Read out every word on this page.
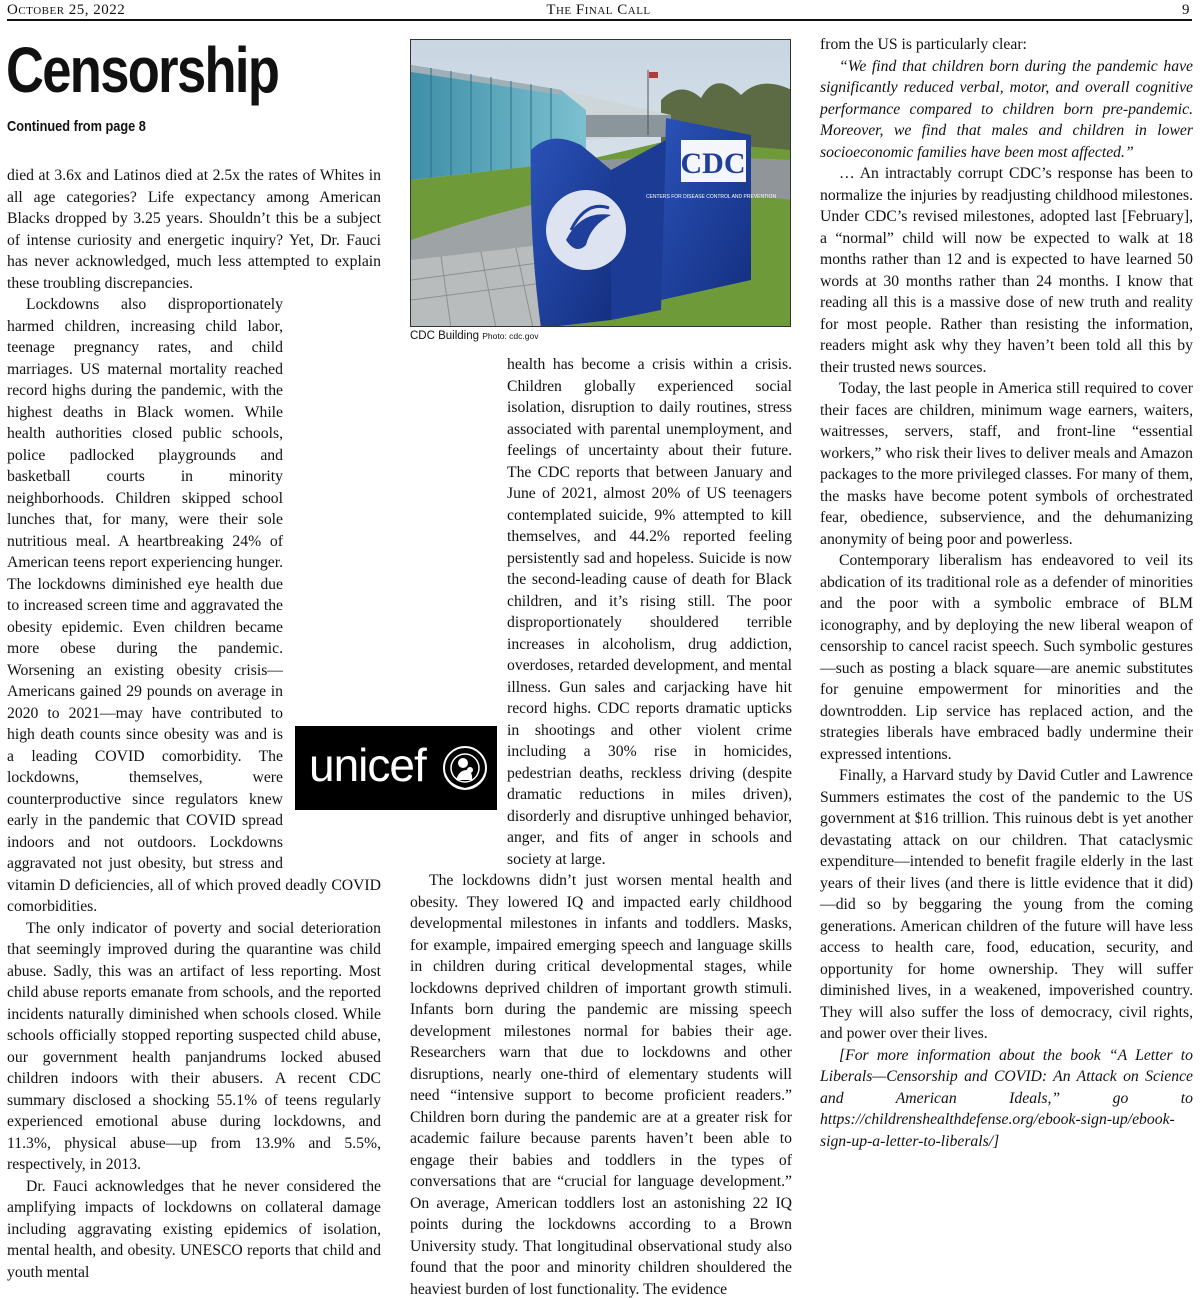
October 25, 2022	The Final Call	9
Censorship
Continued from page 8

died at 3.6x and Latinos died at 2.5x the rates of Whites in all age categories? Life expectancy among American Blacks dropped by 3.25 years. Shouldn’t this be a subject of intense curiosity and energetic inquiry? Yet, Dr. Fauci has never acknowledged, much less attempted to explain these troubling discrepancies.

Lockdowns also disproportionately harmed children, increasing child labor, teenage pregnancy rates, and child marriages. US maternal mortality reached record highs during the pandemic, with the highest deaths in Black women. While health authorities closed public schools, police padlocked playgrounds and basketball courts in minority neighborhoods. Children skipped school lunches that, for many, were their sole nutritious meal. A heartbreaking 24% of American teens report experiencing hunger. The lockdowns diminished eye health due to increased screen time and aggravated the obesity epidemic. Even children became more obese during the pandemic. Worsening an existing obesity crisis—Americans gained 29 pounds on average in 2020 to 2021—may have contributed to high death counts since obesity was and is a leading COVID comorbidity. The lockdowns, themselves, were counterproductive since regulators knew early in the pandemic that COVID spread indoors and not outdoors. Lockdowns aggravated not just obesity, but stress and vitamin D deficiencies, all of which proved deadly COVID comorbidities.

The only indicator of poverty and social deterioration that seemingly improved during the quarantine was child abuse. Sadly, this was an artifact of less reporting. Most child abuse reports emanate from schools, and the reported incidents naturally diminished when schools closed. While schools officially stopped reporting suspected child abuse, our government health panjandrums locked abused children indoors with their abusers. A recent CDC summary disclosed a shocking 55.1% of teens regularly experienced emotional abuse during lockdowns, and 11.3%, physical abuse—up from 13.9% and 5.5%, respectively, in 2013.

Dr. Fauci acknowledges that he never considered the amplifying impacts of lockdowns on collateral damage including aggravating existing epidemics of isolation, mental health, and obesity. UNESCO reports that child and youth mental

CDC
CENTERS FOR DISEASE CONTROL AND PREVENTION
CDC Building Photo: cdc.gov

health has become a crisis within a crisis. Children globally experienced social isolation, disruption to daily routines, stress associated with parental unemployment, and feelings of uncertainty about their future. The CDC reports that between January and June of 2021, almost 20% of US teenagers contemplated suicide, 9% attempted to kill themselves, and 44.2% reported feeling persistently sad and hopeless. Suicide is now the second-leading cause of death for Black children, and it’s rising still. The poor disproportionately shouldered terrible increases in alcoholism, drug addiction, overdoses, retarded development, and mental illness. Gun sales and carjacking have hit record highs. CDC reports dramatic upticks in shootings and other violent crime including a 30% rise in homicides, pedestrian deaths, reckless driving (despite dramatic reductions in miles driven), disorderly and disruptive unhinged behavior, anger, and fits of anger in schools and society at large.

The lockdowns didn’t just worsen mental health and obesity. They lowered IQ and impacted early childhood developmental milestones in infants and toddlers. Masks, for example, impaired emerging speech and language skills in children during critical developmental stages, while lockdowns deprived children of important growth stimuli. Infants born during the pandemic are missing speech development milestones normal for babies their age. Researchers warn that due to lockdowns and other disruptions, nearly one-third of elementary students will need “intensive support to become proficient readers.” Children born during the pandemic are at a greater risk for academic failure because parents haven’t been able to engage their babies and toddlers in the types of conversations that are “crucial for language development.” On average, American toddlers lost an astonishing 22 IQ points during the lockdowns according to a Brown University study. That longitudinal observational study also found that the poor and minority children shouldered the heaviest burden of lost functionality. The evidence

unicef

from the US is particularly clear:

“We find that children born during the pandemic have significantly reduced verbal, motor, and overall cognitive performance compared to children born pre-pandemic. Moreover, we find that males and children in lower socioeconomic families have been most affected.”

… An intractably corrupt CDC’s response has been to normalize the injuries by readjusting childhood milestones. Under CDC’s revised milestones, adopted last [February], a “normal” child will now be expected to walk at 18 months rather than 12 and is expected to have learned 50 words at 30 months rather than 24 months. I know that reading all this is a massive dose of new truth and reality for most people. Rather than resisting the information, readers might ask why they haven’t been told all this by their trusted news sources.

Today, the last people in America still required to cover their faces are children, minimum wage earners, waiters, waitresses, servers, staff, and front-line “essential workers,” who risk their lives to deliver meals and Amazon packages to the more privileged classes. For many of them, the masks have become potent symbols of orchestrated fear, obedience, subservience, and the dehumanizing anonymity of being poor and powerless.

Contemporary liberalism has endeavored to veil its abdication of its traditional role as a defender of minorities and the poor with a symbolic embrace of BLM iconography, and by deploying the new liberal weapon of censorship to cancel racist speech. Such symbolic gestures—such as posting a black square—are anemic substitutes for genuine empowerment for minorities and the downtrodden. Lip service has replaced action, and the strategies liberals have embraced badly undermine their expressed intentions.

Finally, a Harvard study by David Cutler and Lawrence Summers estimates the cost of the pandemic to the US government at $16 trillion. This ruinous debt is yet another devastating attack on our children. That cataclysmic expenditure—intended to benefit fragile elderly in the last years of their lives (and there is little evidence that it did)—did so by beggaring the young from the coming generations. American children of the future will have less access to health care, food, education, security, and opportunity for home ownership. They will suffer diminished lives, in a weakened, impoverished country. They will also suffer the loss of democracy, civil rights, and power over their lives.

[For more information about the book “A Letter to Liberals—Censorship and COVID: An Attack on Science and American Ideals,” go to https://childrenshealthdefense.org/ebook-sign-up/ebook-sign-up-a-letter-to-liberals/]
